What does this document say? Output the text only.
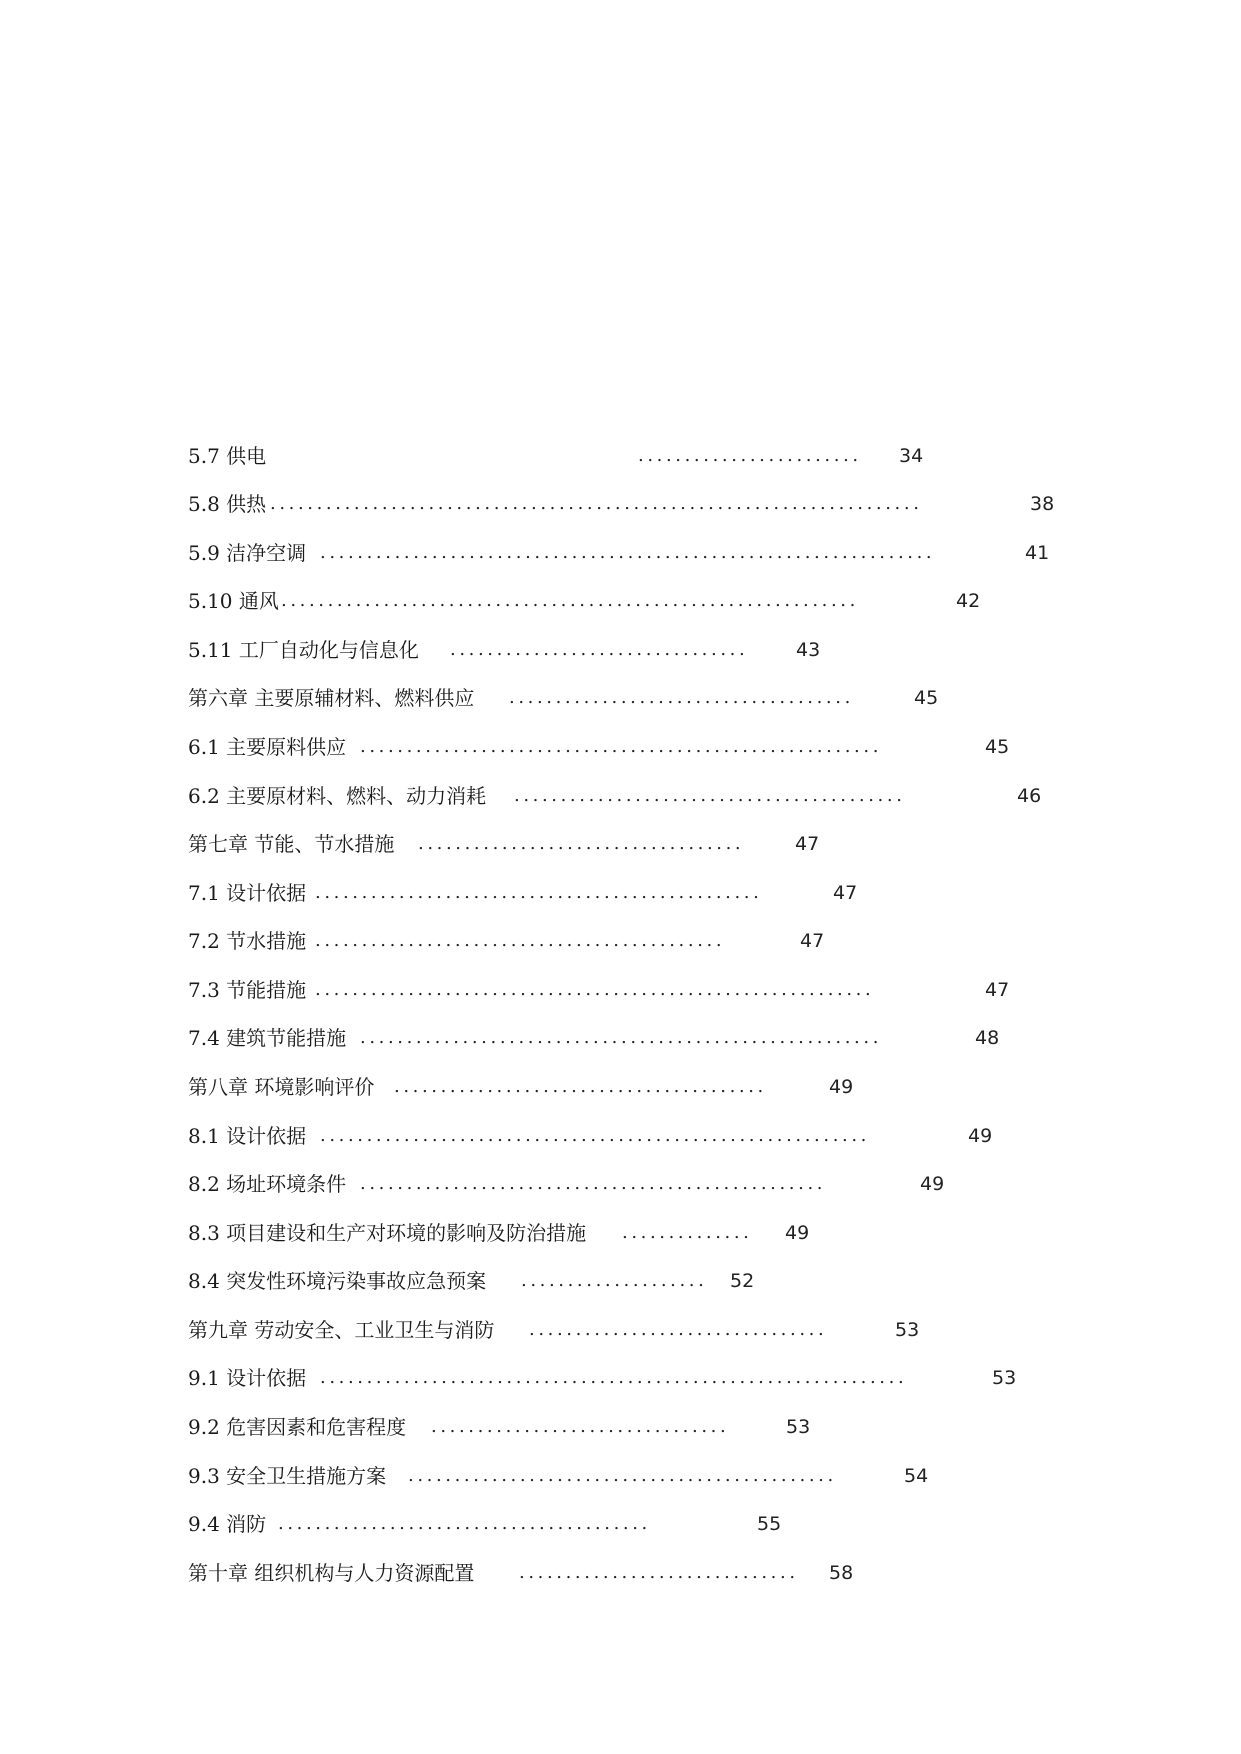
5.7 供电	........................ 34
5.8 供热 ......................................................................	38
5.9 洁净空调 ..................................................................	41
5.10 通风 ..............................................................	42
5.11 工厂自动化与信息化 ................................	43
第六章 主要原辅材料、燃料供应 .....................................	45
6.1 主要原料供应 ........................................................	45
6.2 主要原材料、燃料、动力消耗 ..........................................	46
第七章 节能、节水措施 ...................................	47
7.1 设计依据 ................................................	47
7.2 节水措施 ............................................	47
7.3 节能措施 ............................................................	47
7.4 建筑节能措施 ........................................................	48
第八章 环境影响评价 ........................................	49
8.1 设计依据 ...........................................................	49
8.2 场址环境条件 ..................................................	49
8.3 项目建设和生产对环境的影响及防治措施 .............. 49
8.4 突发性环境污染事故应急预案 .................... 52
第九章 劳动安全、工业卫生与消防 ................................	53
9.1 设计依据 ...............................................................	53
9.2 危害因素和危害程度 ................................	53
9.3 安全卫生措施方案 ..............................................	54
9.4 消防 ........................................	55
第十章 组织机构与人力资源配置 .............................. 58
